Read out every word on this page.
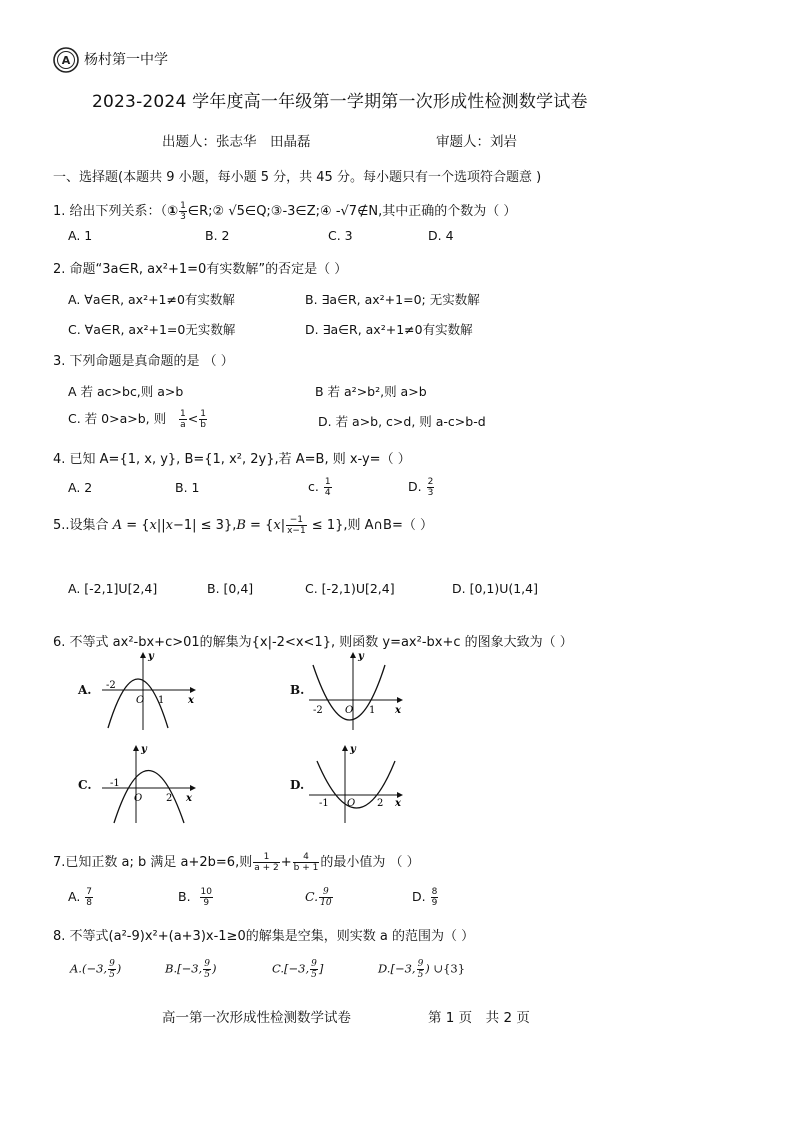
A 杨村第一中学
2023-2024 学年度高一年级第一学期第一次形成性检测数学试卷
出题人：张志华　田晶磊	审题人：刘岩
一、选择题(本题共 9 小题，每小题 5 分，共 45 分。每小题只有一个选项符合题意 )
1. 给出下列关系：（① $\frac{1}{3}$ ∈R;② √5∈Q;③-3∈Z;④ -√7∉N,其中正确的个数为（ ）
A. 1	B. 2	C. 3	D. 4
2. 命题“3a∈R, ax²+1=0有实数解”的否定是（ ）
A. ∀a∈R, ax²+1≠0有实数解	B. ∃a∈R, ax²+1=0; 无实数解
C. ∀a∈R, ax²+1=0无实数解	D. ∃a∈R, ax²+1≠0有实数解
3. 下列命题是真命题的是 （ ）
A 若 ac>bc,则 a>b	B 若 a²>b²,则 a>b
C. 若 0>a>b, 则 $\frac{1}{a} < \frac{1}{b}$	D. 若 a>b, c>d, 则 a-c>b-d
4. 已知 A={1, x, y}, B={1, x², 2y},若 A=B, 则 x-y=（ ）
A. 2	B. 1	c. $\frac{1}{4}$	D. $\frac{2}{3}$
5..设集合 $A = \{x||x-1| \le 3\},B = \{x| \frac{-1}{x-1} \le 1\}$,则 A∩B=（ ）
A. [-2,1]U[2,4]	B. [0,4]	C. [-2,1)U[2,4]	D. [0,1)U(1,4]
6. 不等式 ax²-bx+c>01的解集为{x|-2<x<1}, 则函数 y=ax²-bx+c 的图象大致为（ ）
A.
y
x
-2
O 1
B.
y
x
-2 O 1
C.
y
x
-1
O 2
D.
y
x
-1 O 2
7.已知正数 a; b 满足 a+2b=6,则 $\frac{1}{a + 2} + \frac{4}{b + 1}$ 的最小值为 （ ）
A. $\frac{7}{8}$	B. $\frac{10}{9}$	C. $\frac{9}{10}$	D. $\frac{8}{9}$
8. 不等式(a²-9)x²+(a+3)x-1≥0的解集是空集，则实数 a 的范围为（ ）
A.(−3, $\frac{9}{5}$ )	B.[−3, $\frac{9}{5}$ )	C.[−3, $\frac{9}{5}$ ]	D.[−3, $\frac{9}{5}$ ) ∪{3}
高一第一次形成性检测数学试卷	第 1 页　共 2 页
